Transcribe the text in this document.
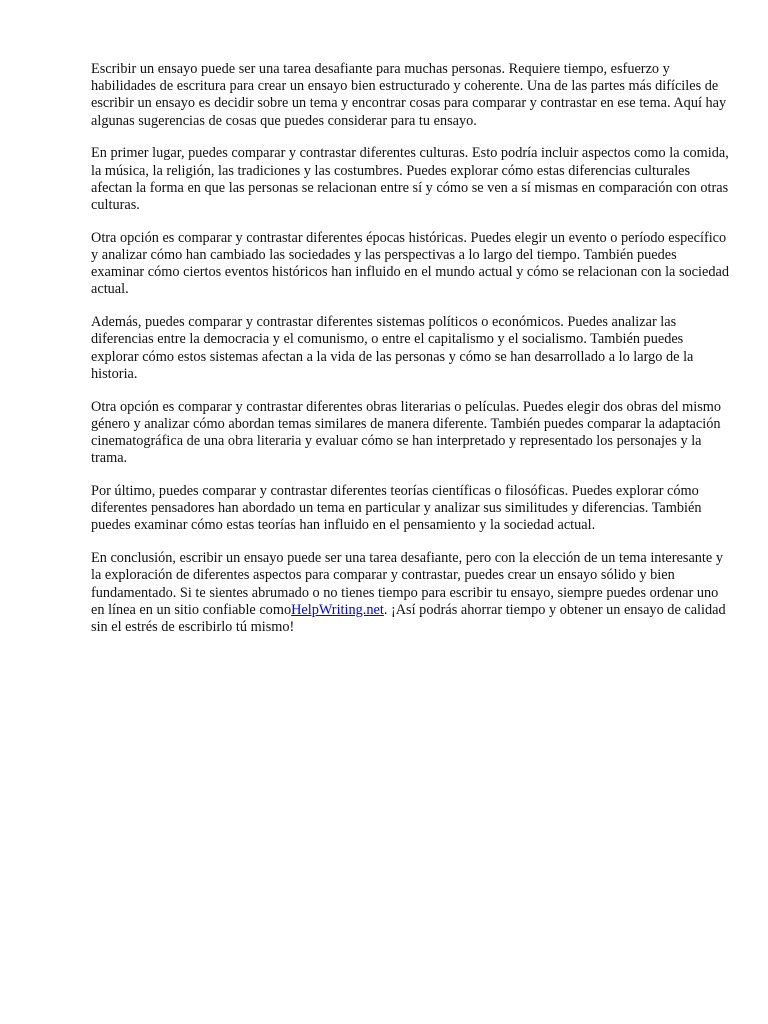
Escribir un ensayo puede ser una tarea desafiante para muchas personas. Requiere tiempo, esfuerzo y habilidades de escritura para crear un ensayo bien estructurado y coherente. Una de las partes más difíciles de escribir un ensayo es decidir sobre un tema y encontrar cosas para comparar y contrastar en ese tema. Aquí hay algunas sugerencias de cosas que puedes considerar para tu ensayo.

En primer lugar, puedes comparar y contrastar diferentes culturas. Esto podría incluir aspectos como la comida, la música, la religión, las tradiciones y las costumbres. Puedes explorar cómo estas diferencias culturales afectan la forma en que las personas se relacionan entre sí y cómo se ven a sí mismas en comparación con otras culturas.

Otra opción es comparar y contrastar diferentes épocas históricas. Puedes elegir un evento o período específico y analizar cómo han cambiado las sociedades y las perspectivas a lo largo del tiempo. También puedes examinar cómo ciertos eventos históricos han influido en el mundo actual y cómo se relacionan con la sociedad actual.

Además, puedes comparar y contrastar diferentes sistemas políticos o económicos. Puedes analizar las diferencias entre la democracia y el comunismo, o entre el capitalismo y el socialismo. También puedes explorar cómo estos sistemas afectan a la vida de las personas y cómo se han desarrollado a lo largo de la historia.

Otra opción es comparar y contrastar diferentes obras literarias o películas. Puedes elegir dos obras del mismo género y analizar cómo abordan temas similares de manera diferente. También puedes comparar la adaptación cinematográfica de una obra literaria y evaluar cómo se han interpretado y representado los personajes y la trama.

Por último, puedes comparar y contrastar diferentes teorías científicas o filosóficas. Puedes explorar cómo diferentes pensadores han abordado un tema en particular y analizar sus similitudes y diferencias. También puedes examinar cómo estas teorías han influido en el pensamiento y la sociedad actual.

En conclusión, escribir un ensayo puede ser una tarea desafiante, pero con la elección de un tema interesante y la exploración de diferentes aspectos para comparar y contrastar, puedes crear un ensayo sólido y bien fundamentado. Si te sientes abrumado o no tienes tiempo para escribir tu ensayo, siempre puedes ordenar uno en línea en un sitio confiable comoHelpWriting.net. ¡Así podrás ahorrar tiempo y obtener un ensayo de calidad sin el estrés de escribirlo tú mismo!
